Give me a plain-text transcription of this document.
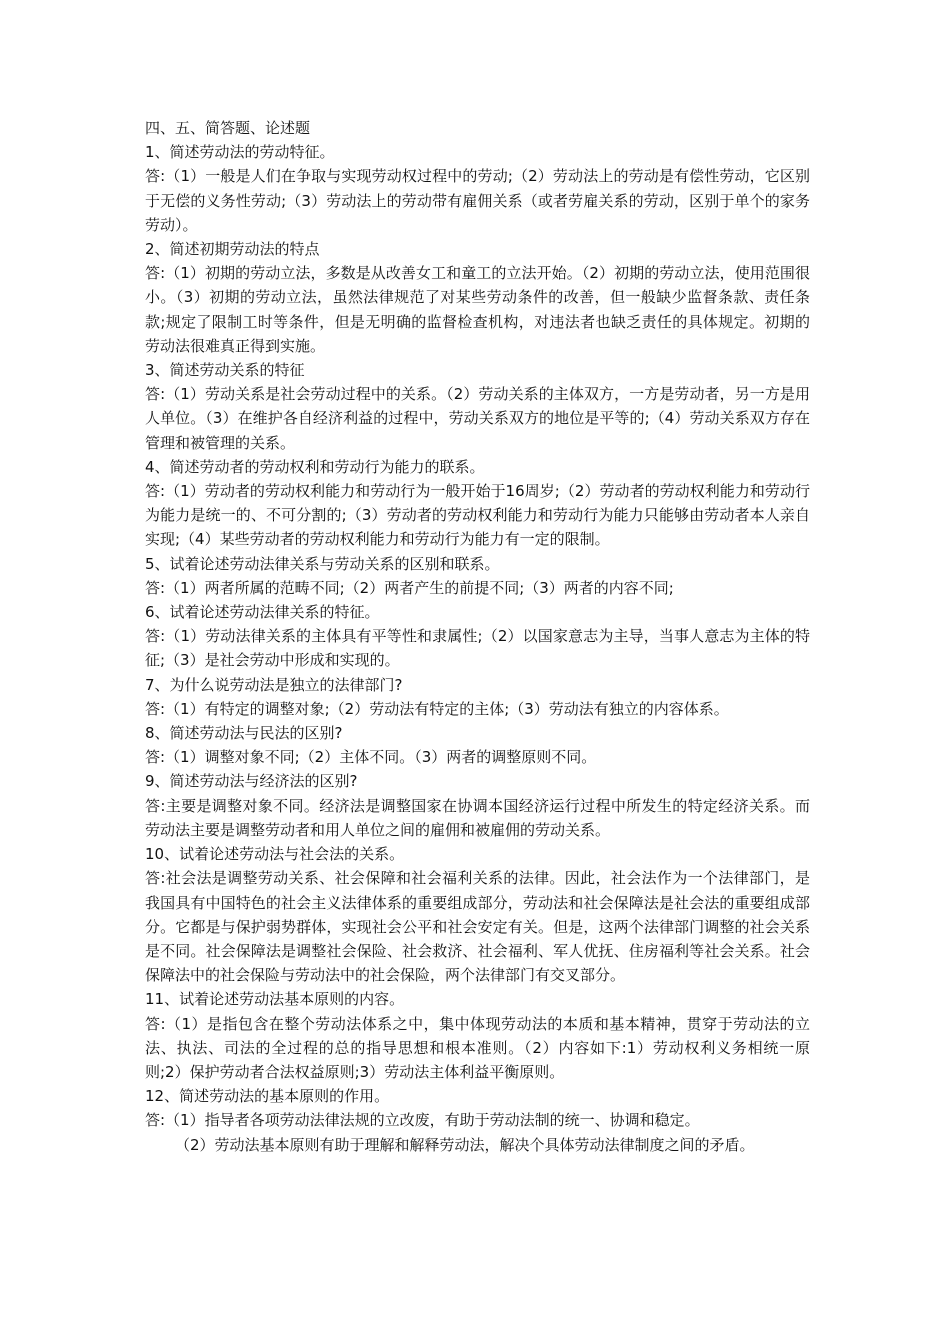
四、五、简答题、论述题

1、简述劳动法的劳动特征。

答:（1）一般是人们在争取与实现劳动权过程中的劳动;（2）劳动法上的劳动是有偿性劳动，它区别于无偿的义务性劳动;（3）劳动法上的劳动带有雇佣关系（或者劳雇关系的劳动，区别于单个的家务劳动）。

2、简述初期劳动法的特点

答:（1）初期的劳动立法，多数是从改善女工和童工的立法开始。（2）初期的劳动立法，使用范围很小。（3）初期的劳动立法，虽然法律规范了对某些劳动条件的改善，但一般缺少监督条款、责任条款;规定了限制工时等条件，但是无明确的监督检查机构，对违法者也缺乏责任的具体规定。初期的劳动法很难真正得到实施。

3、简述劳动关系的特征

答:（1）劳动关系是社会劳动过程中的关系。（2）劳动关系的主体双方，一方是劳动者，另一方是用人单位。（3）在维护各自经济利益的过程中，劳动关系双方的地位是平等的;（4）劳动关系双方存在管理和被管理的关系。

4、简述劳动者的劳动权利和劳动行为能力的联系。

答:（1）劳动者的劳动权利能力和劳动行为一般开始于16周岁;（2）劳动者的劳动权利能力和劳动行为能力是统一的、不可分割的;（3）劳动者的劳动权利能力和劳动行为能力只能够由劳动者本人亲自实现;（4）某些劳动者的劳动权利能力和劳动行为能力有一定的限制。

5、试着论述劳动法律关系与劳动关系的区别和联系。

答:（1）两者所属的范畴不同;（2）两者产生的前提不同;（3）两者的内容不同;

6、试着论述劳动法律关系的特征。

答:（1）劳动法律关系的主体具有平等性和隶属性;（2）以国家意志为主导，当事人意志为主体的特征;（3）是社会劳动中形成和实现的。

7、为什么说劳动法是独立的法律部门?

答:（1）有特定的调整对象;（2）劳动法有特定的主体;（3）劳动法有独立的内容体系。

8、简述劳动法与民法的区别?

答:（1）调整对象不同;（2）主体不同。（3）两者的调整原则不同。

9、简述劳动法与经济法的区别?

答:主要是调整对象不同。经济法是调整国家在协调本国经济运行过程中所发生的特定经济关系。而劳动法主要是调整劳动者和用人单位之间的雇佣和被雇佣的劳动关系。

10、试着论述劳动法与社会法的关系。

答:社会法是调整劳动关系、社会保障和社会福利关系的法律。因此，社会法作为一个法律部门，是我国具有中国特色的社会主义法律体系的重要组成部分，劳动法和社会保障法是社会法的重要组成部分。它都是与保护弱势群体，实现社会公平和社会安定有关。但是，这两个法律部门调整的社会关系是不同。社会保障法是调整社会保险、社会救济、社会福利、军人优抚、住房福利等社会关系。社会保障法中的社会保险与劳动法中的社会保险，两个法律部门有交叉部分。

11、试着论述劳动法基本原则的内容。

答:（1）是指包含在整个劳动法体系之中，集中体现劳动法的本质和基本精神，贯穿于劳动法的立法、执法、司法的全过程的总的指导思想和根本准则。（2）内容如下:1）劳动权利义务相统一原则;2）保护劳动者合法权益原则;3）劳动法主体利益平衡原则。

12、简述劳动法的基本原则的作用。

答:（1）指导者各项劳动法律法规的立改废，有助于劳动法制的统一、协调和稳定。

（2）劳动法基本原则有助于理解和解释劳动法，解决个具体劳动法律制度之间的矛盾。
